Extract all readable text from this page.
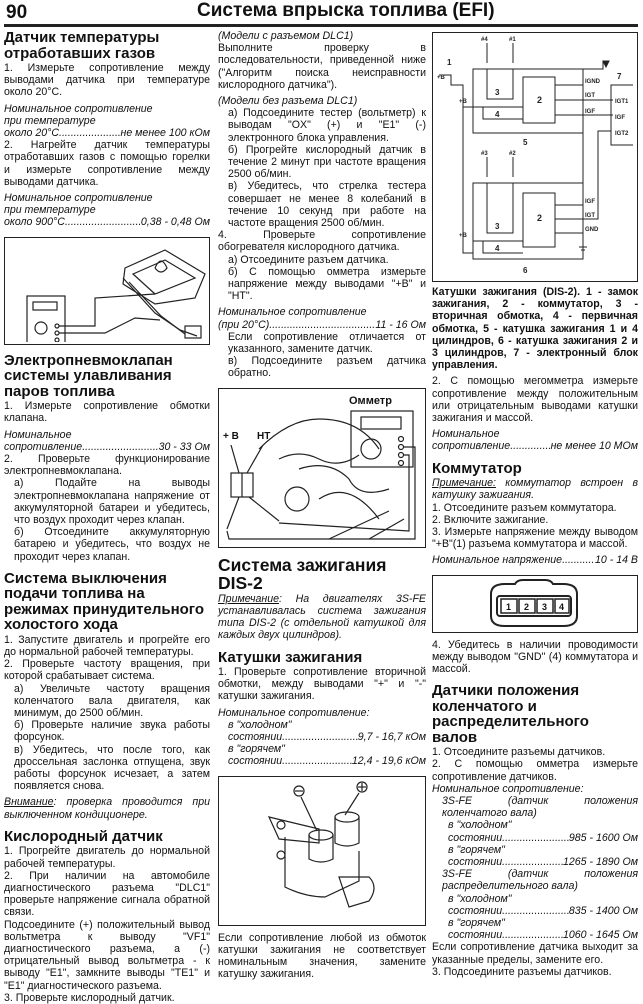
90	Система впрыска топлива (EFI)
Датчик температуры
отработавших газов

1. Измерьте сопротивление между выводами датчика при температуре около 20°С.

Номинальное сопротивление

при температуре

около 20°С .....	не менее 100 кОм

2. Нагрейте датчик температуры отработавших газов с помощью горелки и измерьте сопротивление между выводами датчика.

Номинальное сопротивление

при температуре

около 900°С .....	0,38 - 0,48 Ом
Электропневмоклапан
системы улавливания
паров топлива

1. Измерьте сопротивление обмотки клапана.

Номинальное

сопротивление .....	30 - 33 Ом

2. Проверьте функционирование электропневмоклапана.

а) Подайте на выводы электропневмоклапана напряжение от аккумуляторной батареи и убедитесь, что воздух проходит через клапан.

б) Отсоедините аккумуляторную батарею и убедитесь, что воздух не проходит через клапан.

Система выключения
подачи топлива на
режимах принудительного
холостого хода

1. Запустите двигатель и прогрейте его до нормальной рабочей температуры.

2. Проверьте частоту вращения, при которой срабатывает система.

а) Увеличьте частоту вращения коленчатого вала двигателя, как минимум, до 2500 об/мин.

б) Проверьте наличие звука работы форсунок.

в) Убедитесь, что после того, как дроссельная заслонка отпущена, звук работы форсунок исчезает, а затем появляется снова.

Внимание: проверка проводится при выключенном кондиционере.

Кислородный датчик

1. Прогрейте двигатель до нормальной рабочей температуры.

2. При наличии на автомобиле диагностического разъема "DLC1" проверьте напряжение сигнала обратной связи.

Подсоедините (+) положительный вывод вольтметра к выводу "VF1" диагностического разъема, а (-) отрицательный вывод вольтметра - к выводу "E1", замкните выводы "TE1" и "E1" диагностического разъема.

3. Проверьте кислородный датчик.

(Модели с разъемом DLC1)

Выполните проверку в последовательности, приведенной ниже ("Алгоритм поиска неисправности кислородного датчика").

(Модели без разъема DLC1)

а) Подсоедините тестер (вольтметр) к выводам "OX" (+) и "E1" (-) электронного блока управления.

б) Прогрейте кислородный датчик в течение 2 минут при частоте вращения 2500 об/мин.

в) Убедитесь, что стрелка тестера совершает не менее 8 колебаний в течение 10 секунд при работе на частоте вращения 2500 об/мин.

4. Проверьте сопротивление обогревателя кислородного датчика.

а) Отсоедините разъем датчика.

б) С помощью омметра измерьте напряжение между выводами "+B" и "HT".

Номинальное сопротивление

(при 20°С) .....	11 - 16 Ом

Если сопротивление отличается от указанного, замените датчик.

в) Подсоедините разъем датчика обратно.

Омметр
+ B HT
Система зажигания DIS-2

Примечание: На двигателях 3S-FE устанавливалась система зажигания типа DIS-2 (с отдельной катушкой для каждых двух цилиндров).

Катушки зажигания

1. Проверьте сопротивление вторичной обмотки, между выводами "+" и "-" катушки зажигания.

Номинальное сопротивление:

в "холодном"

состоянии .....	9,7 - 16,7 кОм

в "горячем"

состоянии .....	12,4 - 19,6 кОм

Если сопротивление любой из обмоток катушки зажигания не соответствует номинальным значения, замените катушку зажигания.

#4	#1
#3	#2
1
2
2
3
3
4
4
5
6
7
+B
+B
+B
IGND
IGT
IGF
IGT1
IGF
IGT2
IGF
IGT
GND

Катушки зажигания (DIS-2). 1 - замок зажигания, 2 - коммутатор, 3 - вторичная обмотка, 4 - первичная обмотка, 5 - катушка зажигания 1 и 4 цилиндров, 6 - катушка зажигания 2 и 3 цилиндров, 7 - электронный блок управления.

2. С помощью мегомметра измерьте сопротивление между положительным или отрицательным выводами катушки зажигания и массой.

Номинальное

сопротивление .....	не менее 10 МОм
Коммутатор

Примечание: коммутатор встроен в катушку зажигания.

1. Отсоедините разъем коммутатора.

2. Включите зажигание.

3. Измерьте напряжение между выводом "+B"(1) разъема коммутатора и массой.

Номинальное напряжение .....	10 - 14 В
1 2 3 4

4. Убедитесь в наличии проводимости между выводом "GND" (4) коммутатора и массой.

Датчики положения
коленчатого и
распределительного валов

1. Отсоедините разъемы датчиков.

2. С помощью омметра измерьте сопротивление датчиков.

Номинальное сопротивление:

3S-FE (датчик положения коленчатого вала)

в "холодном"

состоянии .....	985 - 1600 Ом

в "горячем"

состоянии .....	1265 - 1890 Ом

3S-FE (датчик положения распределительного вала)

в "холодном"

состоянии .....	835 - 1400 Ом

в "горячем"

состоянии .....	1060 - 1645 Ом

Если сопротивление датчика выходит за указанные пределы, замените его.

3. Подсоедините разъемы датчиков.
